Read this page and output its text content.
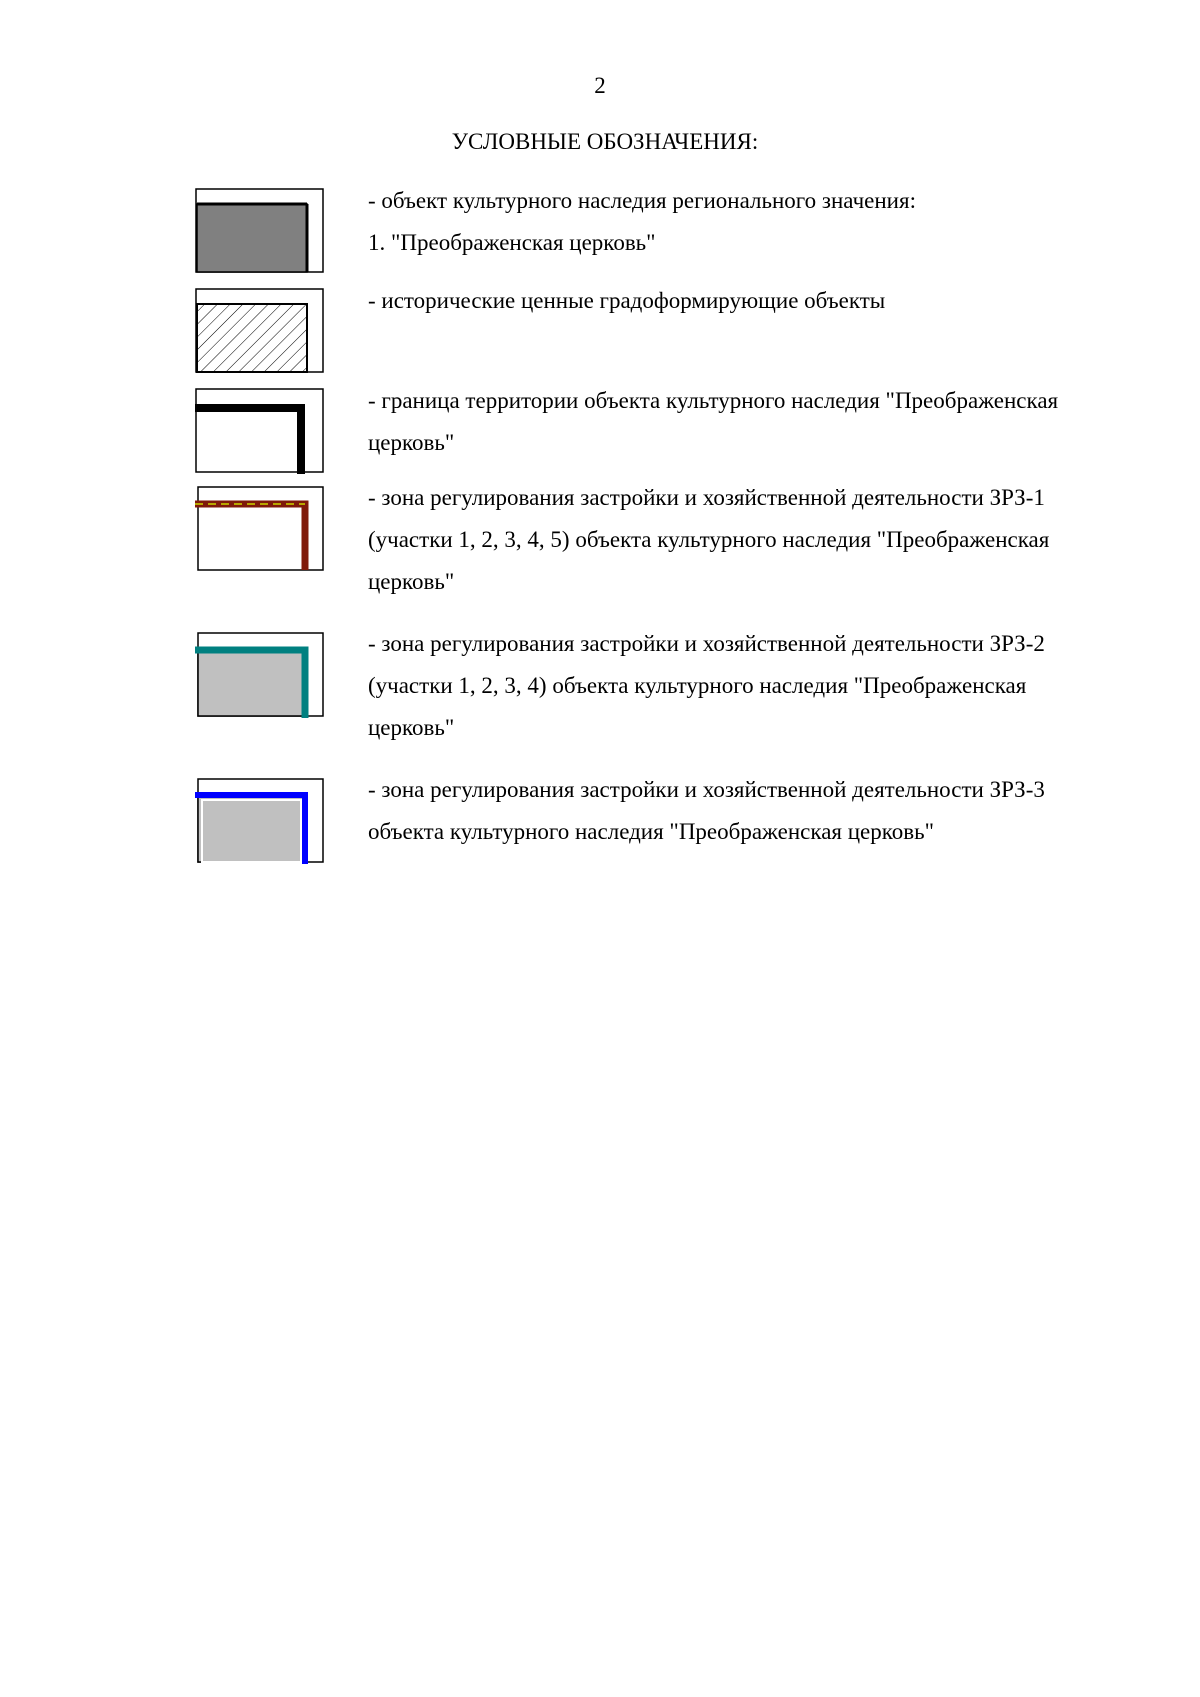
2
УСЛОВНЫЕ ОБОЗНАЧЕНИЯ:
- объект культурного наследия регионального значения:
1. "Преображенская церковь"
- исторические ценные градоформирующие объекты
- граница территории объекта культурного наследия "Преображенская
церковь"
- зона регулирования застройки и хозяйственной деятельности ЗРЗ-1
(участки 1, 2, 3, 4, 5) объекта культурного наследия "Преображенская
церковь"
- зона регулирования застройки и хозяйственной деятельности ЗРЗ-2
(участки 1, 2, 3, 4) объекта культурного наследия "Преображенская
церковь"
- зона регулирования застройки и хозяйственной деятельности ЗРЗ-3
объекта культурного наследия "Преображенская церковь"
